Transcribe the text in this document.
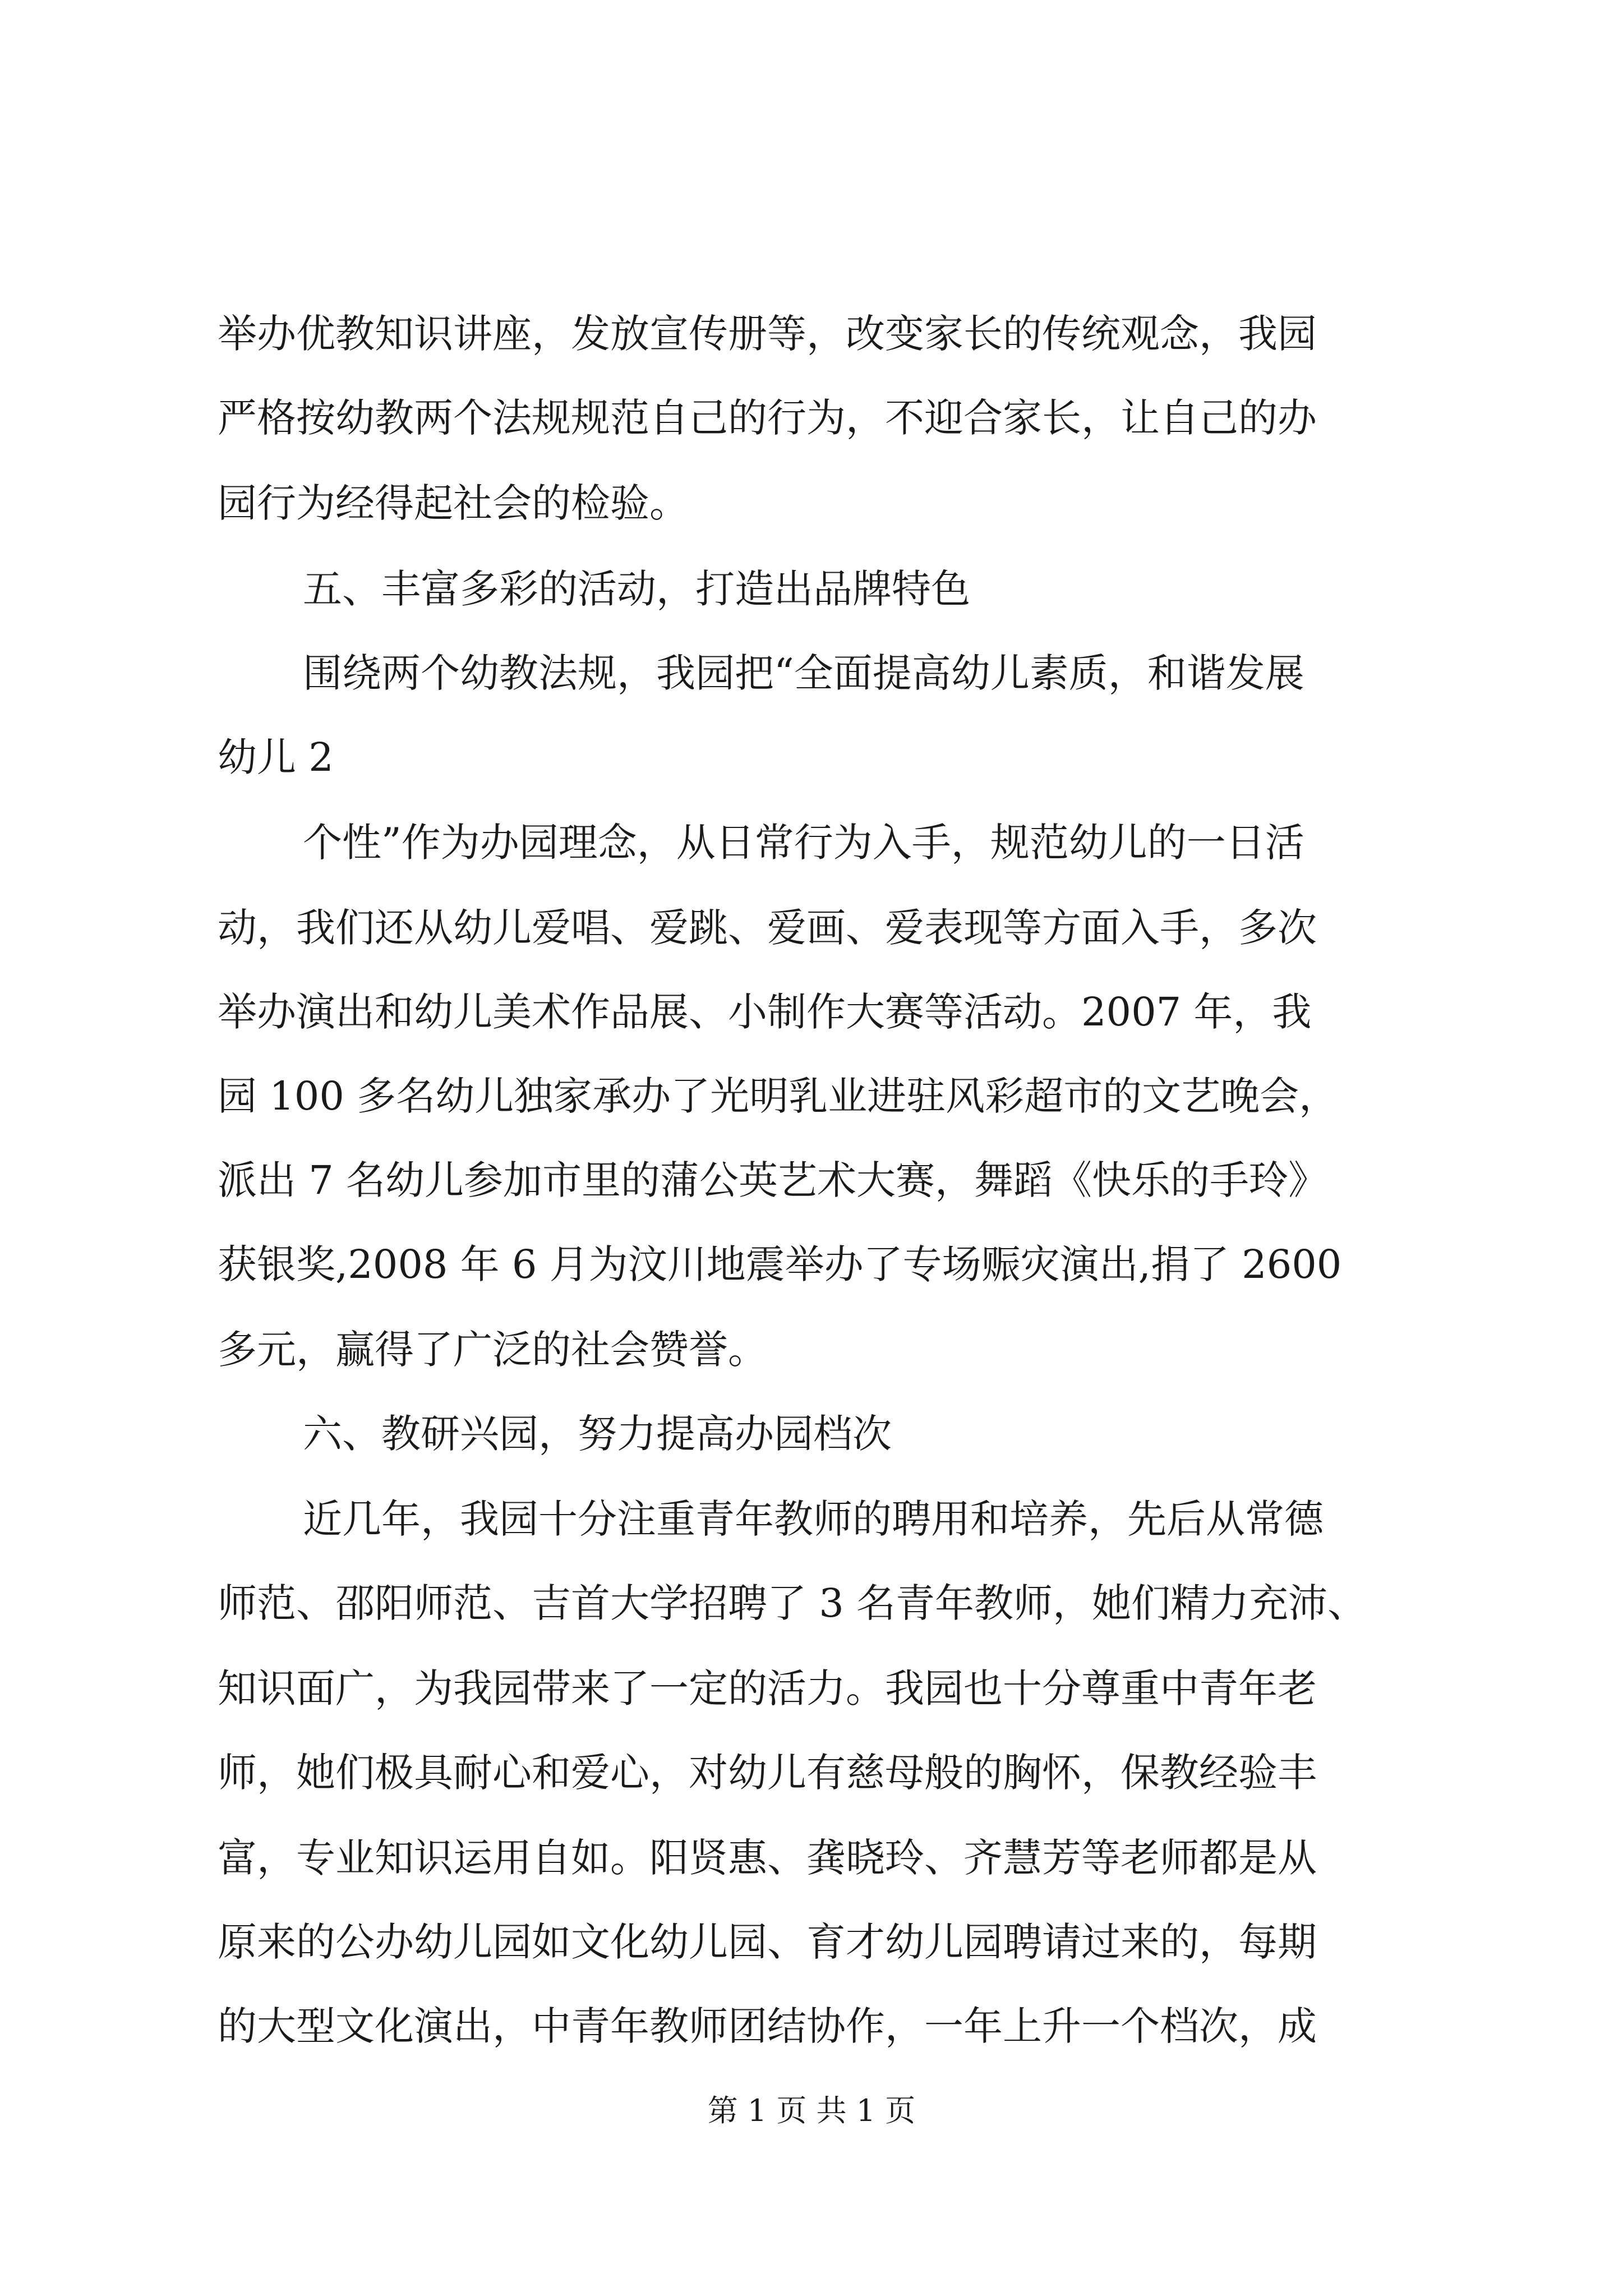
举办优教知识讲座，发放宣传册等，改变家长的传统观念，我园
严格按幼教两个法规规范自己的行为，不迎合家长，让自己的办
园行为经得起社会的检验。
五、丰富多彩的活动，打造出品牌特色
围绕两个幼教法规，我园把“全面提高幼儿素质，和谐发展
幼儿 2
个性”作为办园理念，从日常行为入手，规范幼儿的一日活
动，我们还从幼儿爱唱、爱跳、爱画、爱表现等方面入手，多次
举办演出和幼儿美术作品展、小制作大赛等活动。2007 年，我
园 100 多名幼儿独家承办了光明乳业进驻风彩超市的文艺晚会，
派出 7 名幼儿参加市里的蒲公英艺术大赛，舞蹈《快乐的手玲》
获银奖,2008 年 6 月为汶川地震举办了专场赈灾演出,捐了 2600
多元，赢得了广泛的社会赞誉。
六、教研兴园，努力提高办园档次
近几年，我园十分注重青年教师的聘用和培养，先后从常德
师范、邵阳师范、吉首大学招聘了 3 名青年教师，她们精力充沛、
知识面广，为我园带来了一定的活力。我园也十分尊重中青年老
师，她们极具耐心和爱心，对幼儿有慈母般的胸怀，保教经验丰
富，专业知识运用自如。阳贤惠、龚晓玲、齐慧芳等老师都是从
原来的公办幼儿园如文化幼儿园、育才幼儿园聘请过来的，每期
的大型文化演出，中青年教师团结协作，一年上升一个档次，成
第 1 页 共 1 页
